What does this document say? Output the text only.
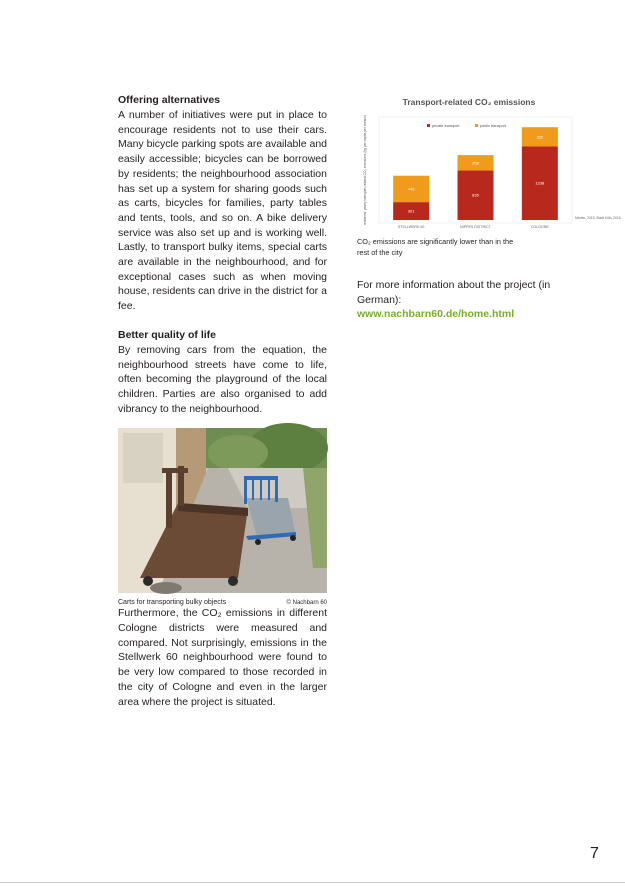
Offering alternatives

A number of initiatives were put in place to encourage residents not to use their cars. Many bicycle parking spots are available and easily accessible; bicycles can be borrowed by residents; the neighbourhood association has set up a system for sharing goods such as carts, bicycles for families, party tables and tents, tools, and so on. A bike delivery service was also set up and is working well. Lastly, to transport bulky items, special carts are available in the neighbourhood, and for exceptional cases such as when moving house, residents can drive in the district for a fee.

Better quality of life

By removing cars from the equation, the neighbourhood streets have come to life, often becoming the playground of the local children. Parties are also organised to add vibrancy to the neighbourhood.

Carts for transporting bulky objects	© Nachbarn 60

Furthermore, the CO₂ emissions in different Cologne districts were measured and compared. Not surprisingly, emissions in the Stellwerk 60 neighbourhood were found to be very low compared to those recorded in the city of Cologne and even in the larger area where the project is situated.

Transport-related CO₂ emissions
private transport	public transport
residents' yearly transport-related CO₂ emissions (kg per capita per annum)	301
445
STELLWERK 60
835
258
NIPPES DISTRICT
1238
325
COLOGNE
Mertén, 2015, Stadt Köln, 2016
CO₂ emissions are significantly lower than in the rest of the city
For more information about the project (in German):
www.nachbarn60.de/home.html
7
